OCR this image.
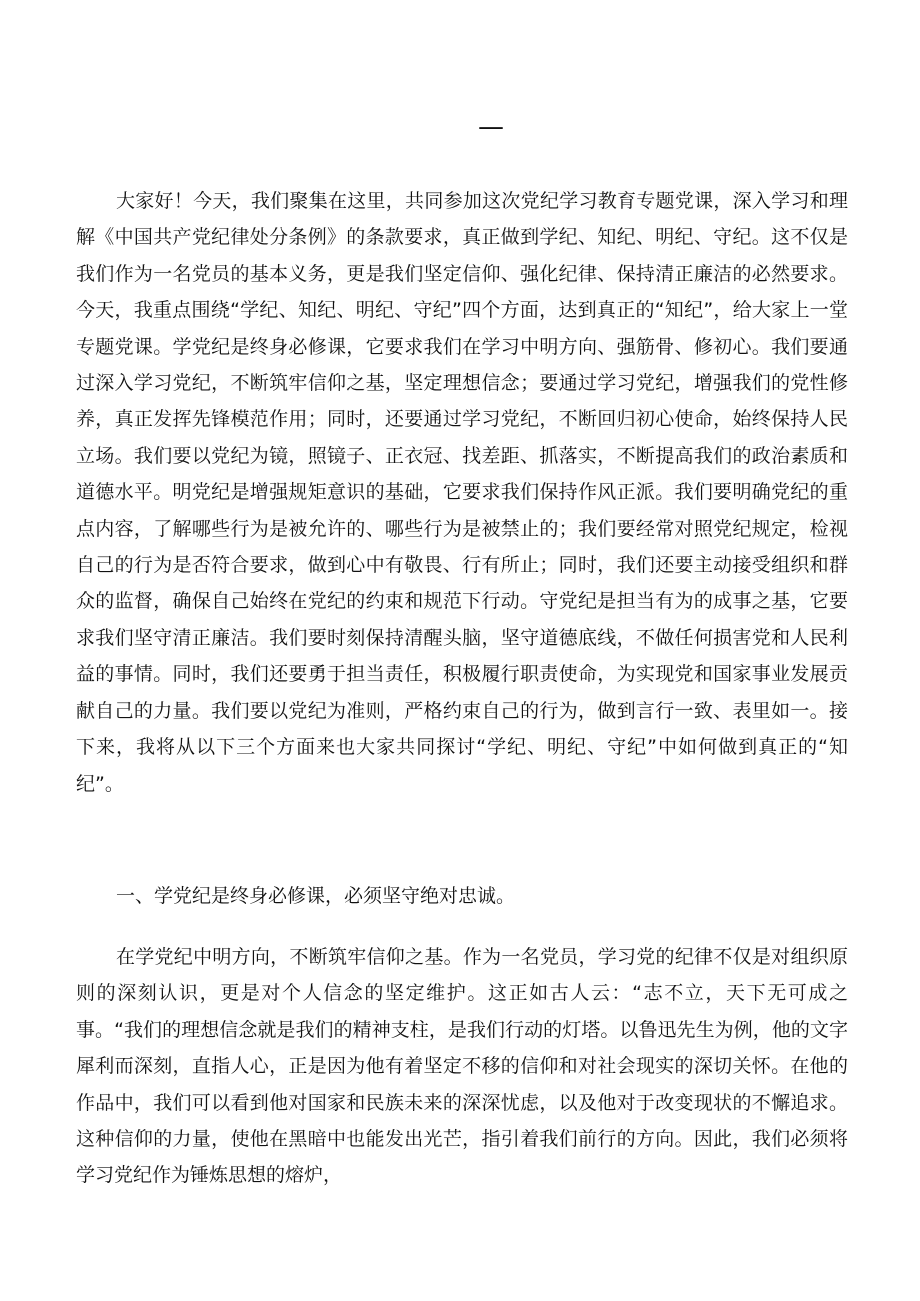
—

大家好！今天，我们聚集在这里，共同参加这次党纪学习教育专题党课，深入学习和理解《中国共产党纪律处分条例》的条款要求，真正做到学纪、知纪、明纪、守纪。这不仅是我们作为一名党员的基本义务，更是我们坚定信仰、强化纪律、保持清正廉洁的必然要求。今天，我重点围绕“学纪、知纪、明纪、守纪”四个方面，达到真正的“知纪”，给大家上一堂专题党课。学党纪是终身必修课，它要求我们在学习中明方向、强筋骨、修初心。我们要通过深入学习党纪，不断筑牢信仰之基，坚定理想信念；要通过学习党纪，增强我们的党性修养，真正发挥先锋模范作用；同时，还要通过学习党纪，不断回归初心使命，始终保持人民立场。我们要以党纪为镜，照镜子、正衣冠、找差距、抓落实，不断提高我们的政治素质和道德水平。明党纪是增强规矩意识的基础，它要求我们保持作风正派。我们要明确党纪的重点内容，了解哪些行为是被允许的、哪些行为是被禁止的；我们要经常对照党纪规定，检视自己的行为是否符合要求，做到心中有敬畏、行有所止；同时，我们还要主动接受组织和群众的监督，确保自己始终在党纪的约束和规范下行动。守党纪是担当有为的成事之基，它要求我们坚守清正廉洁。我们要时刻保持清醒头脑，坚守道德底线，不做任何损害党和人民利益的事情。同时，我们还要勇于担当责任，积极履行职责使命，为实现党和国家事业发展贡献自己的力量。我们要以党纪为准则，严格约束自己的行为，做到言行一致、表里如一。接下来，我将从以下三个方面来也大家共同探讨“学纪、明纪、守纪”中如何做到真正的“知纪”。

一、学党纪是终身必修课，必须坚守绝对忠诚。

在学党纪中明方向，不断筑牢信仰之基。作为一名党员，学习党的纪律不仅是对组织原则的深刻认识，更是对个人信念的坚定维护。这正如古人云：“志不立，天下无可成之事。“我们的理想信念就是我们的精神支柱，是我们行动的灯塔。以鲁迅先生为例，他的文字犀利而深刻，直指人心，正是因为他有着坚定不移的信仰和对社会现实的深切关怀。在他的作品中，我们可以看到他对国家和民族未来的深深忧虑，以及他对于改变现状的不懈追求。这种信仰的力量，使他在黑暗中也能发出光芒，指引着我们前行的方向。因此，我们必须将学习党纪作为锤炼思想的熔炉，
